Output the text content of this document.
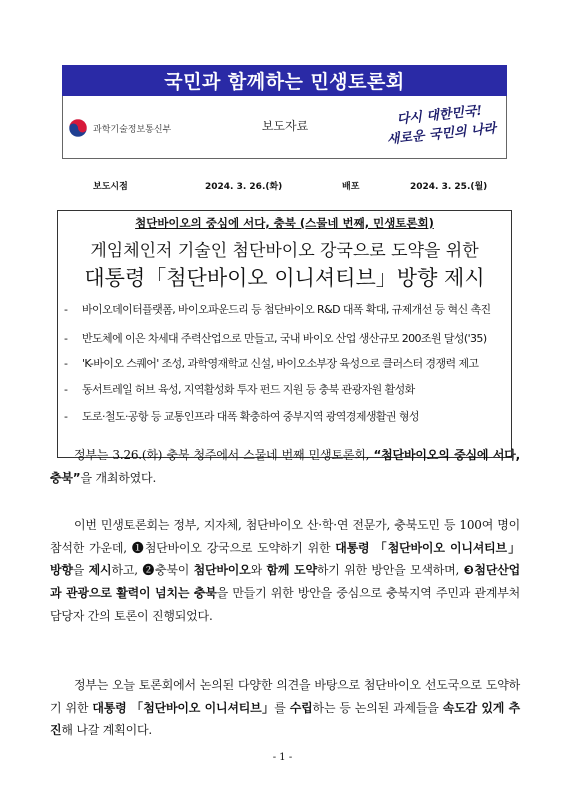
국민과 함께하는 민생토론회
과학기술정보통신부	보도자료	다시 대한민국!
새로운 국민의 나라
보도시점	2024. 3. 26.(화)	배포	2024. 3. 25.(월)
첨단바이오의 중심에 서다, 충북 (스물네 번째, 민생토론회)
게임체인저 기술인 첨단바이오 강국으로 도약을 위한
대통령「첨단바이오 이니셔티브」방향 제시
- 바이오데이터플랫폼, 바이오파운드리 등 첨단바이오 R&D 대폭 확대, 규제개선 등 혁신 촉진
- 반도체에 이은 차세대 주력산업으로 만들고, 국내 바이오 산업 생산규모 200조원 달성('35)
- 'K-바이오 스퀘어' 조성, 과학영재학교 신설, 바이오소부장 육성으로 클러스터 경쟁력 제고
- 동서트레일 허브 육성, 지역활성화 투자 펀드 지원 등 충북 관광자원 활성화
- 도로·철도·공항 등 교통인프라 대폭 확충하여 중부지역 광역경제생활권 형성
정부는 3.26.(화) 충북 청주에서 스물네 번째 민생토론회, “첨단바이오의 중심에 서다, 충북”을 개최하였다.
이번 민생토론회는 정부, 지자체, 첨단바이오 산·학·연 전문가, 충북도민 등 100여 명이 참석한 가운데, ❶첨단바이오 강국으로 도약하기 위한 대통령 「첨단바이오 이니셔티브」 방향을 제시하고, ❷충북이 첨단바이오와 함께 도약하기 위한 방안을 모색하며, ❸첨단산업과 관광으로 활력이 넘치는 충북을 만들기 위한 방안을 중심으로 충북지역 주민과 관계부처 담당자 간의 토론이 진행되었다.
정부는 오늘 토론회에서 논의된 다양한 의견을 바탕으로 첨단바이오 선도국으로 도약하기 위한 대통령 「첨단바이오 이니셔티브」를 수립하는 등 논의된 과제들을 속도감 있게 추진해 나갈 계획이다.
- 1 -
